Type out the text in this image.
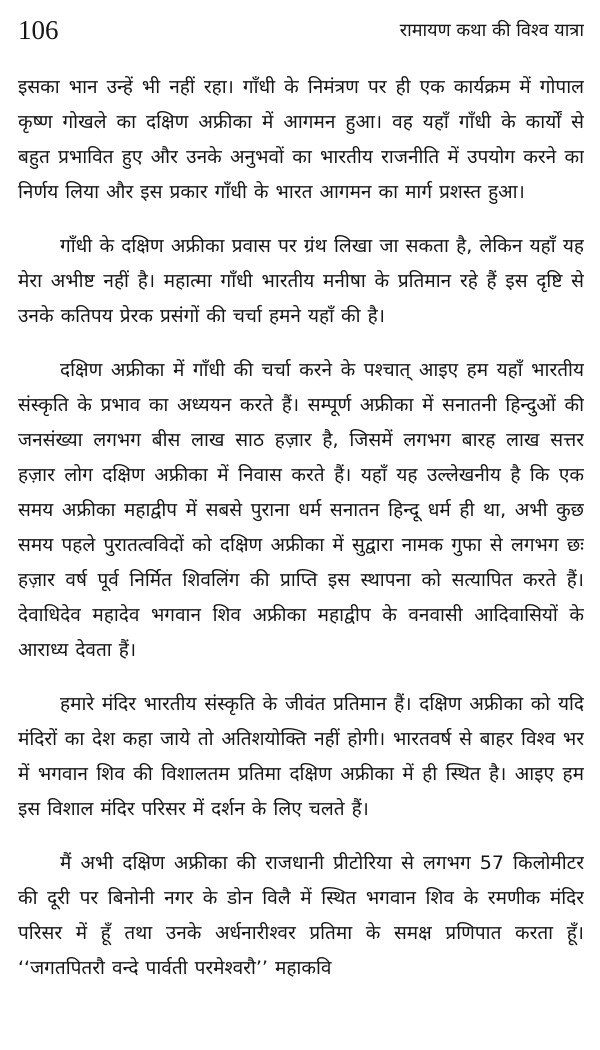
106	रामायण कथा की विश्व यात्रा

इसका भान उन्हें भी नहीं रहा। गाँधी के निमंत्रण पर ही एक कार्यक्रम में गोपाल कृष्ण गोखले का दक्षिण अफ्रीका में आगमन हुआ। वह यहाँ गाँधी के कार्यों से बहुत प्रभावित हुए और उनके अनुभवों का भारतीय राजनीति में उपयोग करने का निर्णय लिया और इस प्रकार गाँधी के भारत आगमन का मार्ग प्रशस्त हुआ।

गाँधी के दक्षिण अफ्रीका प्रवास पर ग्रंथ लिखा जा सकता है, लेकिन यहाँ यह मेरा अभीष्ट नहीं है। महात्मा गाँधी भारतीय मनीषा के प्रतिमान रहे हैं इस दृष्टि से उनके कतिपय प्रेरक प्रसंगों की चर्चा हमने यहाँ की है।

दक्षिण अफ्रीका में गाँधी की चर्चा करने के पश्चात् आइए हम यहाँ भारतीय संस्कृति के प्रभाव का अध्ययन करते हैं। सम्पूर्ण अफ्रीका में सनातनी हिन्दुओं की जनसंख्या लगभग बीस लाख साठ हज़ार है, जिसमें लगभग बारह लाख सत्तर हज़ार लोग दक्षिण अफ्रीका में निवास करते हैं। यहाँ यह उल्लेखनीय है कि एक समय अफ्रीका महाद्वीप में सबसे पुराना धर्म सनातन हिन्दू धर्म ही था, अभी कुछ समय पहले पुरातत्वविदों को दक्षिण अफ्रीका में सुद्वारा नामक गुफा से लगभग छः हज़ार वर्ष पूर्व निर्मित शिवलिंग की प्राप्ति इस स्थापना को सत्यापित करते हैं। देवाधिदेव महादेव भगवान शिव अफ्रीका महाद्वीप के वनवासी आदिवासियों के आराध्य देवता हैं।

हमारे मंदिर भारतीय संस्कृति के जीवंत प्रतिमान हैं। दक्षिण अफ्रीका को यदि मंदिरों का देश कहा जाये तो अतिशयोक्ति नहीं होगी। भारतवर्ष से बाहर विश्व भर में भगवान शिव की विशालतम प्रतिमा दक्षिण अफ्रीका में ही स्थित है। आइए हम इस विशाल मंदिर परिसर में दर्शन के लिए चलते हैं।

मैं अभी दक्षिण अफ्रीका की राजधानी प्रीटोरिया से लगभग 57 किलोमीटर की दूरी पर बिनोनी नगर के डोन विलै में स्थित भगवान शिव के रमणीक मंदिर परिसर में हूँ तथा उनके अर्धनारीश्वर प्रतिमा के समक्ष प्रणिपात करता हूँ। ‘‘जगतपितरौ वन्दे पार्वती परमेश्वरौ’’ महाकवि
